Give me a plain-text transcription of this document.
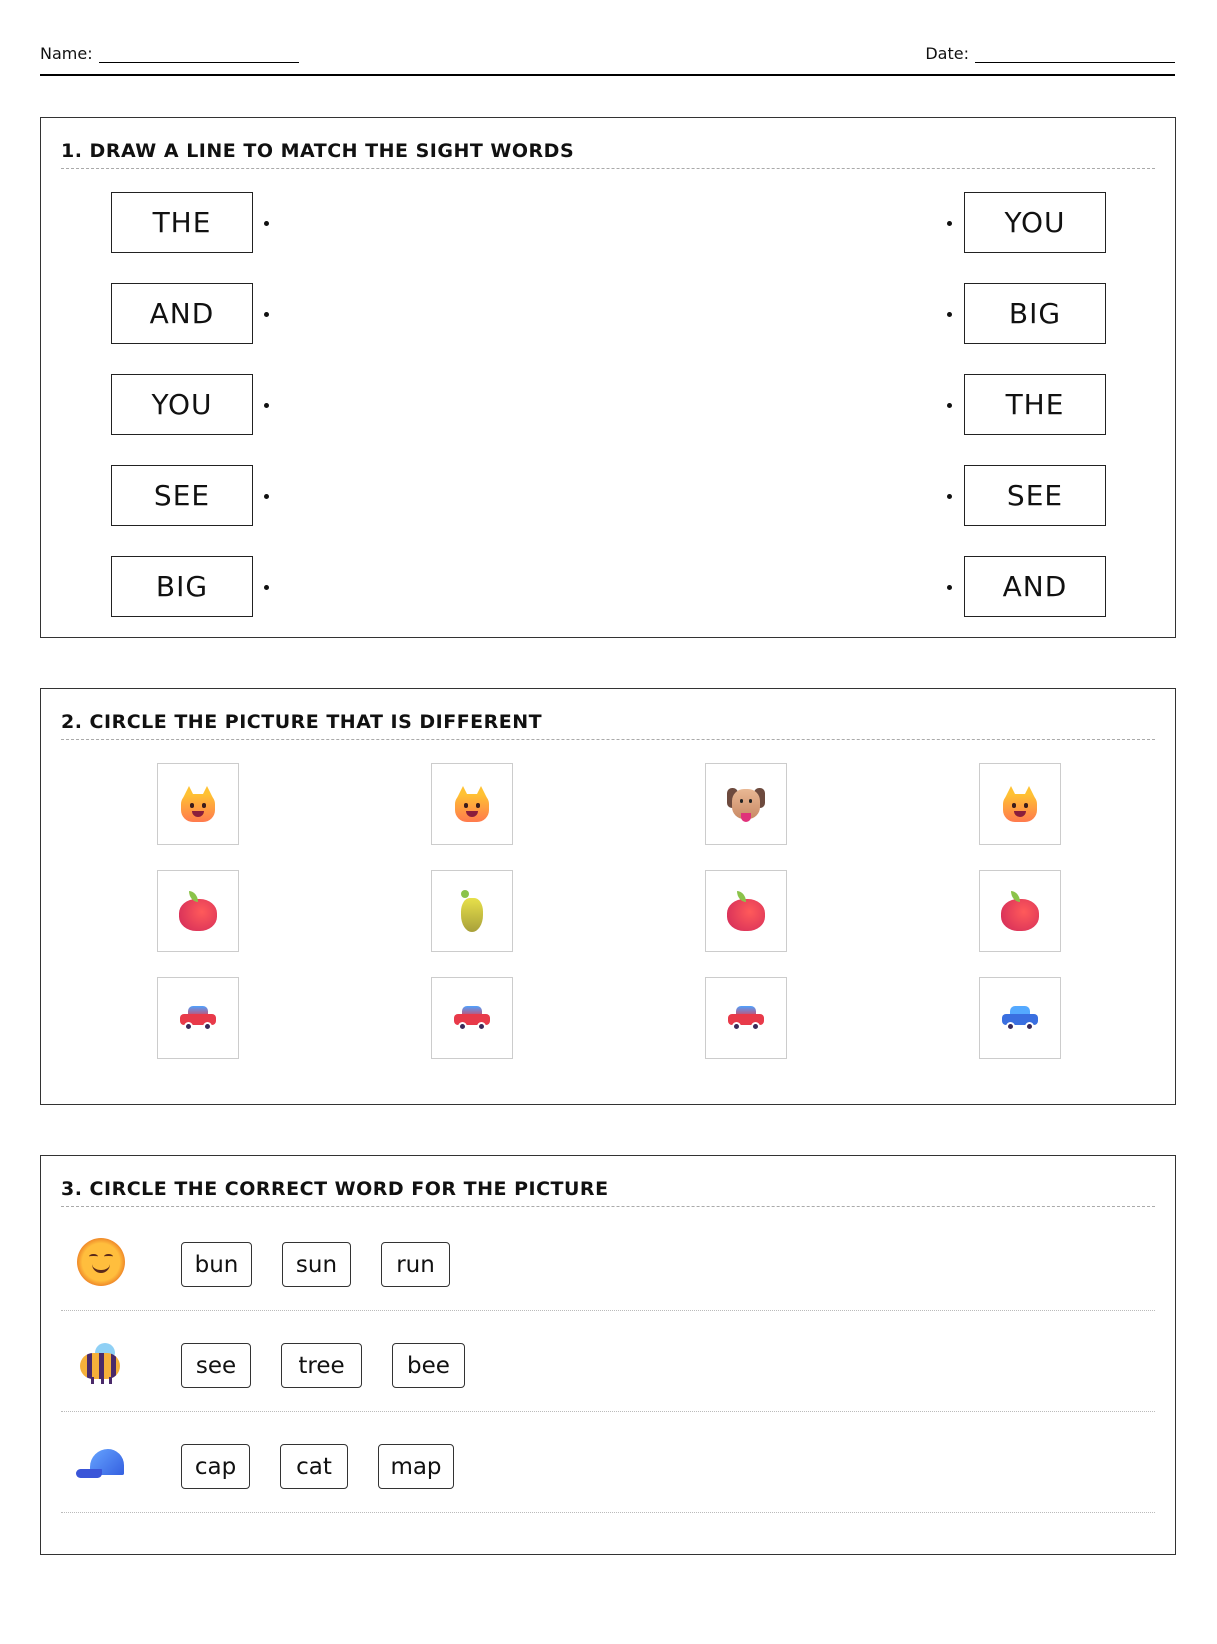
Name:	Date:
1. DRAW A LINE TO MATCH THE SIGHT WORDS
THE
AND
YOU
SEE
BIG
YOU
BIG
THE
SEE
AND
2. CIRCLE THE PICTURE THAT IS DIFFERENT
3. CIRCLE THE CORRECT WORD FOR THE PICTURE
bun	sun	run
see	tree	bee
cap	cat	map
